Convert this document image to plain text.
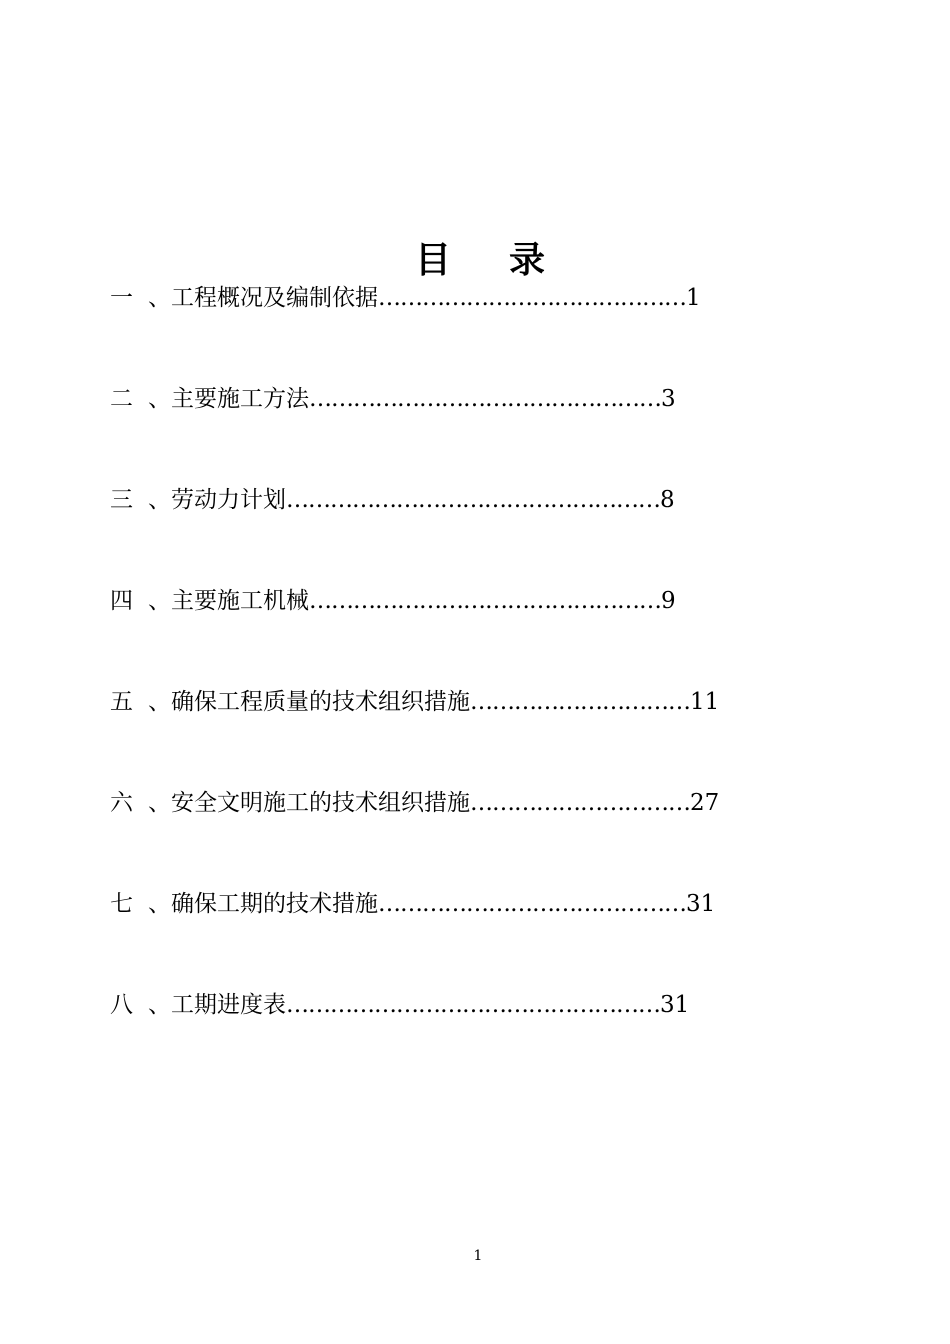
目 录
一 、工程概况及编制依据……………………………………1
二 、主要施工方法…………………………………………3
三 、劳动力计划……………………………………………8
四 、主要施工机械…………………………………………9
五 、确保工程质量的技术组织措施…………………………11
六 、安全文明施工的技术组织措施…………………………27
七 、确保工期的技术措施……………………………………31
八 、工期进度表……………………………………………31
1
